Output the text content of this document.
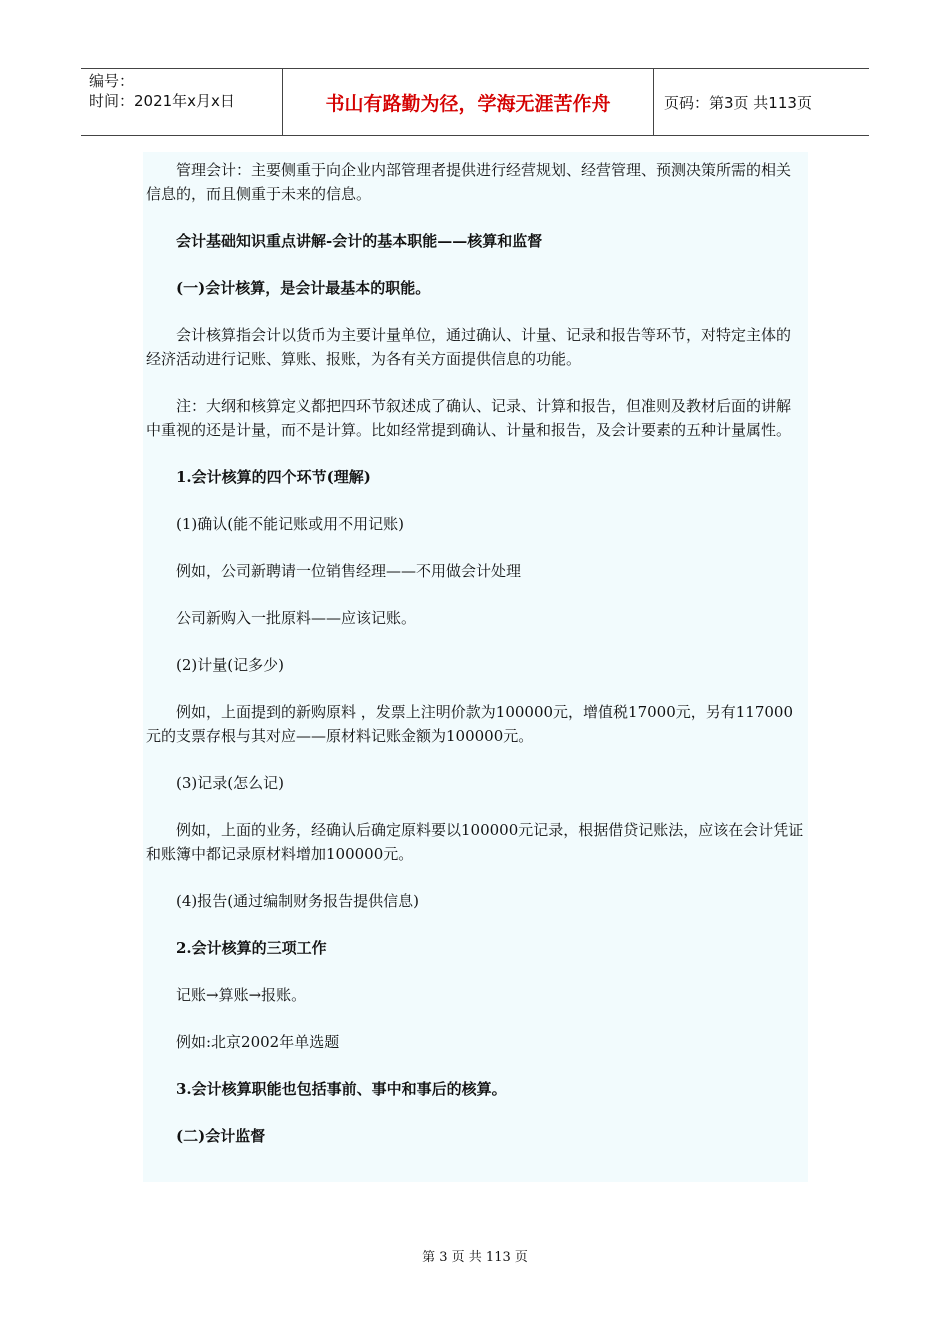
编号：
时间：2021年x月x日	书山有路勤为径，学海无涯苦作舟	页码：第3页 共113页

管理会计：主要侧重于向企业内部管理者提供进行经营规划、经营管理、预测决策所需的相关信息的，而且侧重于未来的信息。

会计基础知识重点讲解-会计的基本职能——核算和监督

(一)会计核算，是会计最基本的职能。

会计核算指会计以货币为主要计量单位，通过确认、计量、记录和报告等环节，对特定主体的经济活动进行记账、算账、报账，为各有关方面提供信息的功能。

注：大纲和核算定义都把四环节叙述成了确认、记录、计算和报告，但准则及教材后面的讲解中重视的还是计量，而不是计算。比如经常提到确认、计量和报告，及会计要素的五种计量属性。

1.会计核算的四个环节(理解)

(1)确认(能不能记账或用不用记账)

例如，公司新聘请一位销售经理——不用做会计处理

公司新购入一批原料——应该记账。

(2)计量(记多少)

例如，上面提到的新购原料 ，发票上注明价款为100000元，增值税17000元，另有117000元的支票存根与其对应——原材料记账金额为100000元。

(3)记录(怎么记)

例如，上面的业务，经确认后确定原料要以100000元记录，根据借贷记账法，应该在会计凭证和账簿中都记录原材料增加100000元。

(4)报告(通过编制财务报告提供信息)

2.会计核算的三项工作

记账→算账→报账。

例如:北京2002年单选题

3.会计核算职能也包括事前、事中和事后的核算。

(二)会计监督

第 3 页 共 113 页
